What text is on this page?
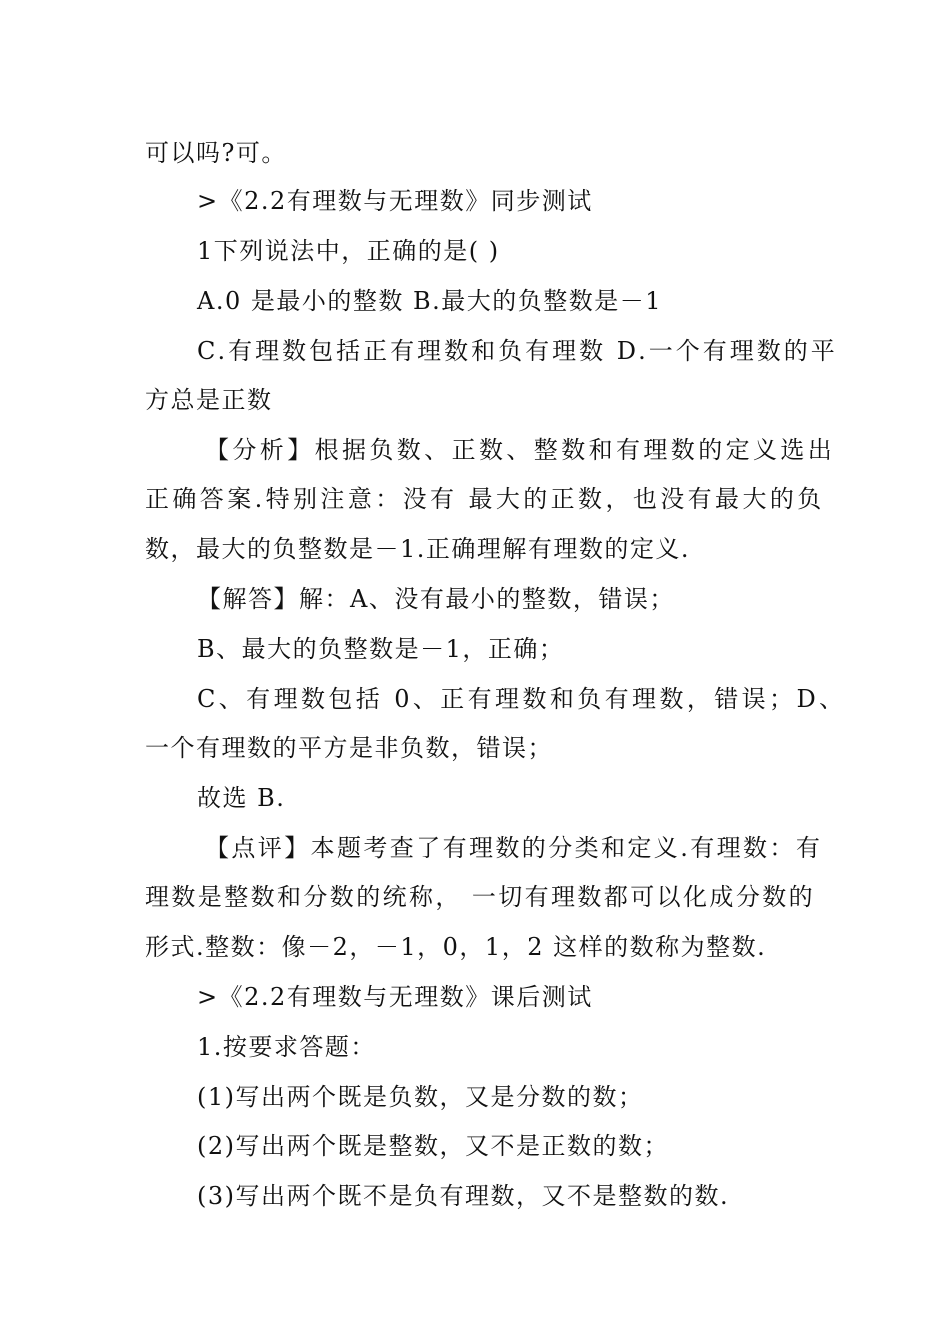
可以吗?可。
>《2.2有理数与无理数》同步测试
1下列说法中，正确的是( )
A.0 是最小的整数 B.最大的负整数是－1
C.有理数包括正有理数和负有理数 D.一个有理数的平
方总是正数
【分析】根据负数、正数、整数和有理数的定义选出
正确答案.特别注意：没有 最大的正数，也没有最大的负
数，最大的负整数是－1.正确理解有理数的定义.
【解答】解：A、没有最小的整数，错误；
B、最大的负整数是－1，正确；
C、有理数包括 0、正有理数和负有理数，错误；D、
一个有理数的平方是非负数，错误；
故选 B.
【点评】本题考查了有理数的分类和定义.有理数：有
理数是整数和分数的统称， 一切有理数都可以化成分数的
形式.整数：像－2，－1，0，1，2 这样的数称为整数.
>《2.2有理数与无理数》课后测试
1.按要求答题：
(1)写出两个既是负数，又是分数的数；
(2)写出两个既是整数，又不是正数的数；
(3)写出两个既不是负有理数，又不是整数的数.
